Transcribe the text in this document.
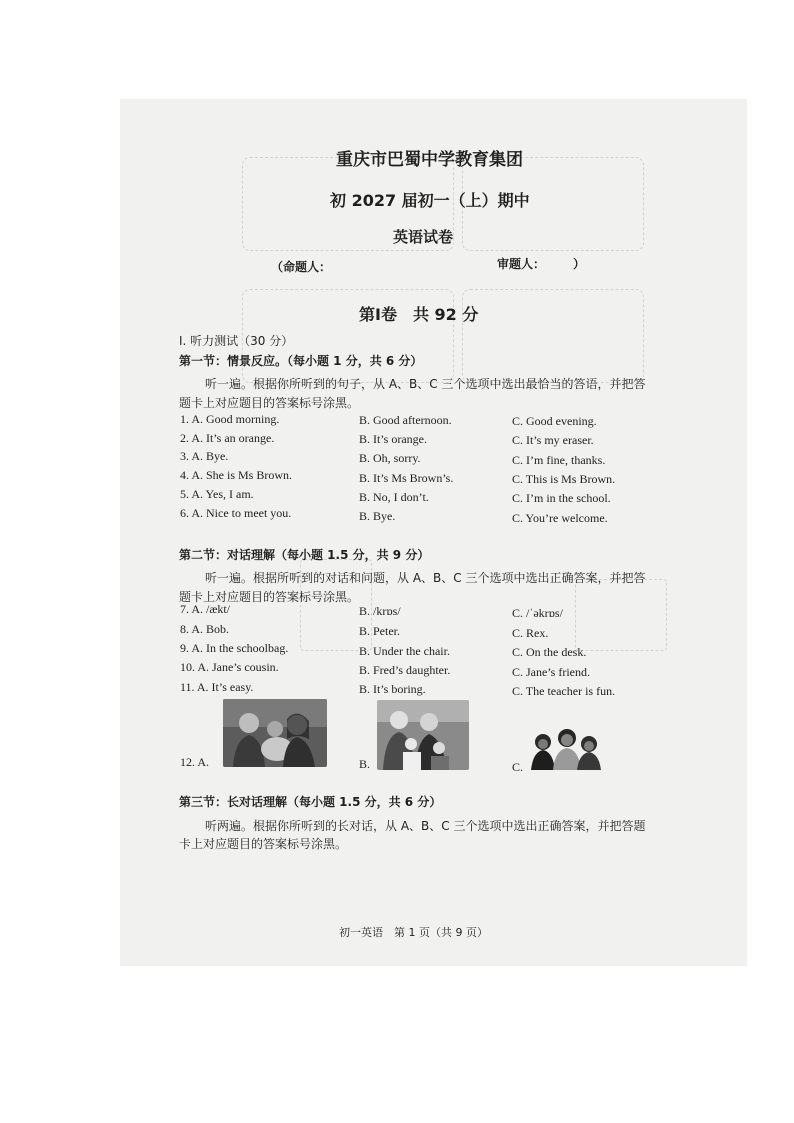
重庆市巴蜀中学教育集团
初 2027 届初一（上）期中
英语试卷
（命题人：	审题人： ）
第Ⅰ卷　共 92 分
I. 听力测试（30 分）
第一节：情景反应。（每小题 1 分，共 6 分）
听一遍。根据你所听到的句子，从 A、B、C 三个选项中选出最恰当的答语，并把答
题卡上对应题目的答案标号涂黑。
1. A. Good morning.	B. Good afternoon.	C. Good evening.
2. A. It’s an orange.	B. It’s orange.	C. It’s my eraser.
3. A. Bye.	B. Oh, sorry.	C. I’m fine, thanks.
4. A. She is Ms Brown.	B. It’s Ms Brown’s.	C. This is Ms Brown.
5. A. Yes, I am.	B. No, I don’t.	C. I’m in the school.
6. A. Nice to meet you.	B. Bye.	C. You’re welcome.
第二节：对话理解（每小题 1.5 分，共 9 分）
听一遍。根据所听到的对话和问题，从 A、B、C 三个选项中选出正确答案，并把答
题卡上对应题目的答案标号涂黑。
7. A. /ækt/	B. /krɒs/	C. /ˈəkrɒs/
8. A. Bob.	B. Peter.	C. Rex.
9. A. In the schoolbag.	B. Under the chair.	C. On the desk.
10. A. Jane’s cousin.	B. Fred’s daughter.	C. Jane’s friend.
11. A. It’s easy.	B. It’s boring.	C. The teacher is fun.
12. A.	B.	C.
第三节：长对话理解（每小题 1.5 分，共 6 分）
听两遍。根据你所听到的长对话，从 A、B、C 三个选项中选出正确答案，并把答题
卡上对应题目的答案标号涂黑。
初一英语　第 1 页（共 9 页）
